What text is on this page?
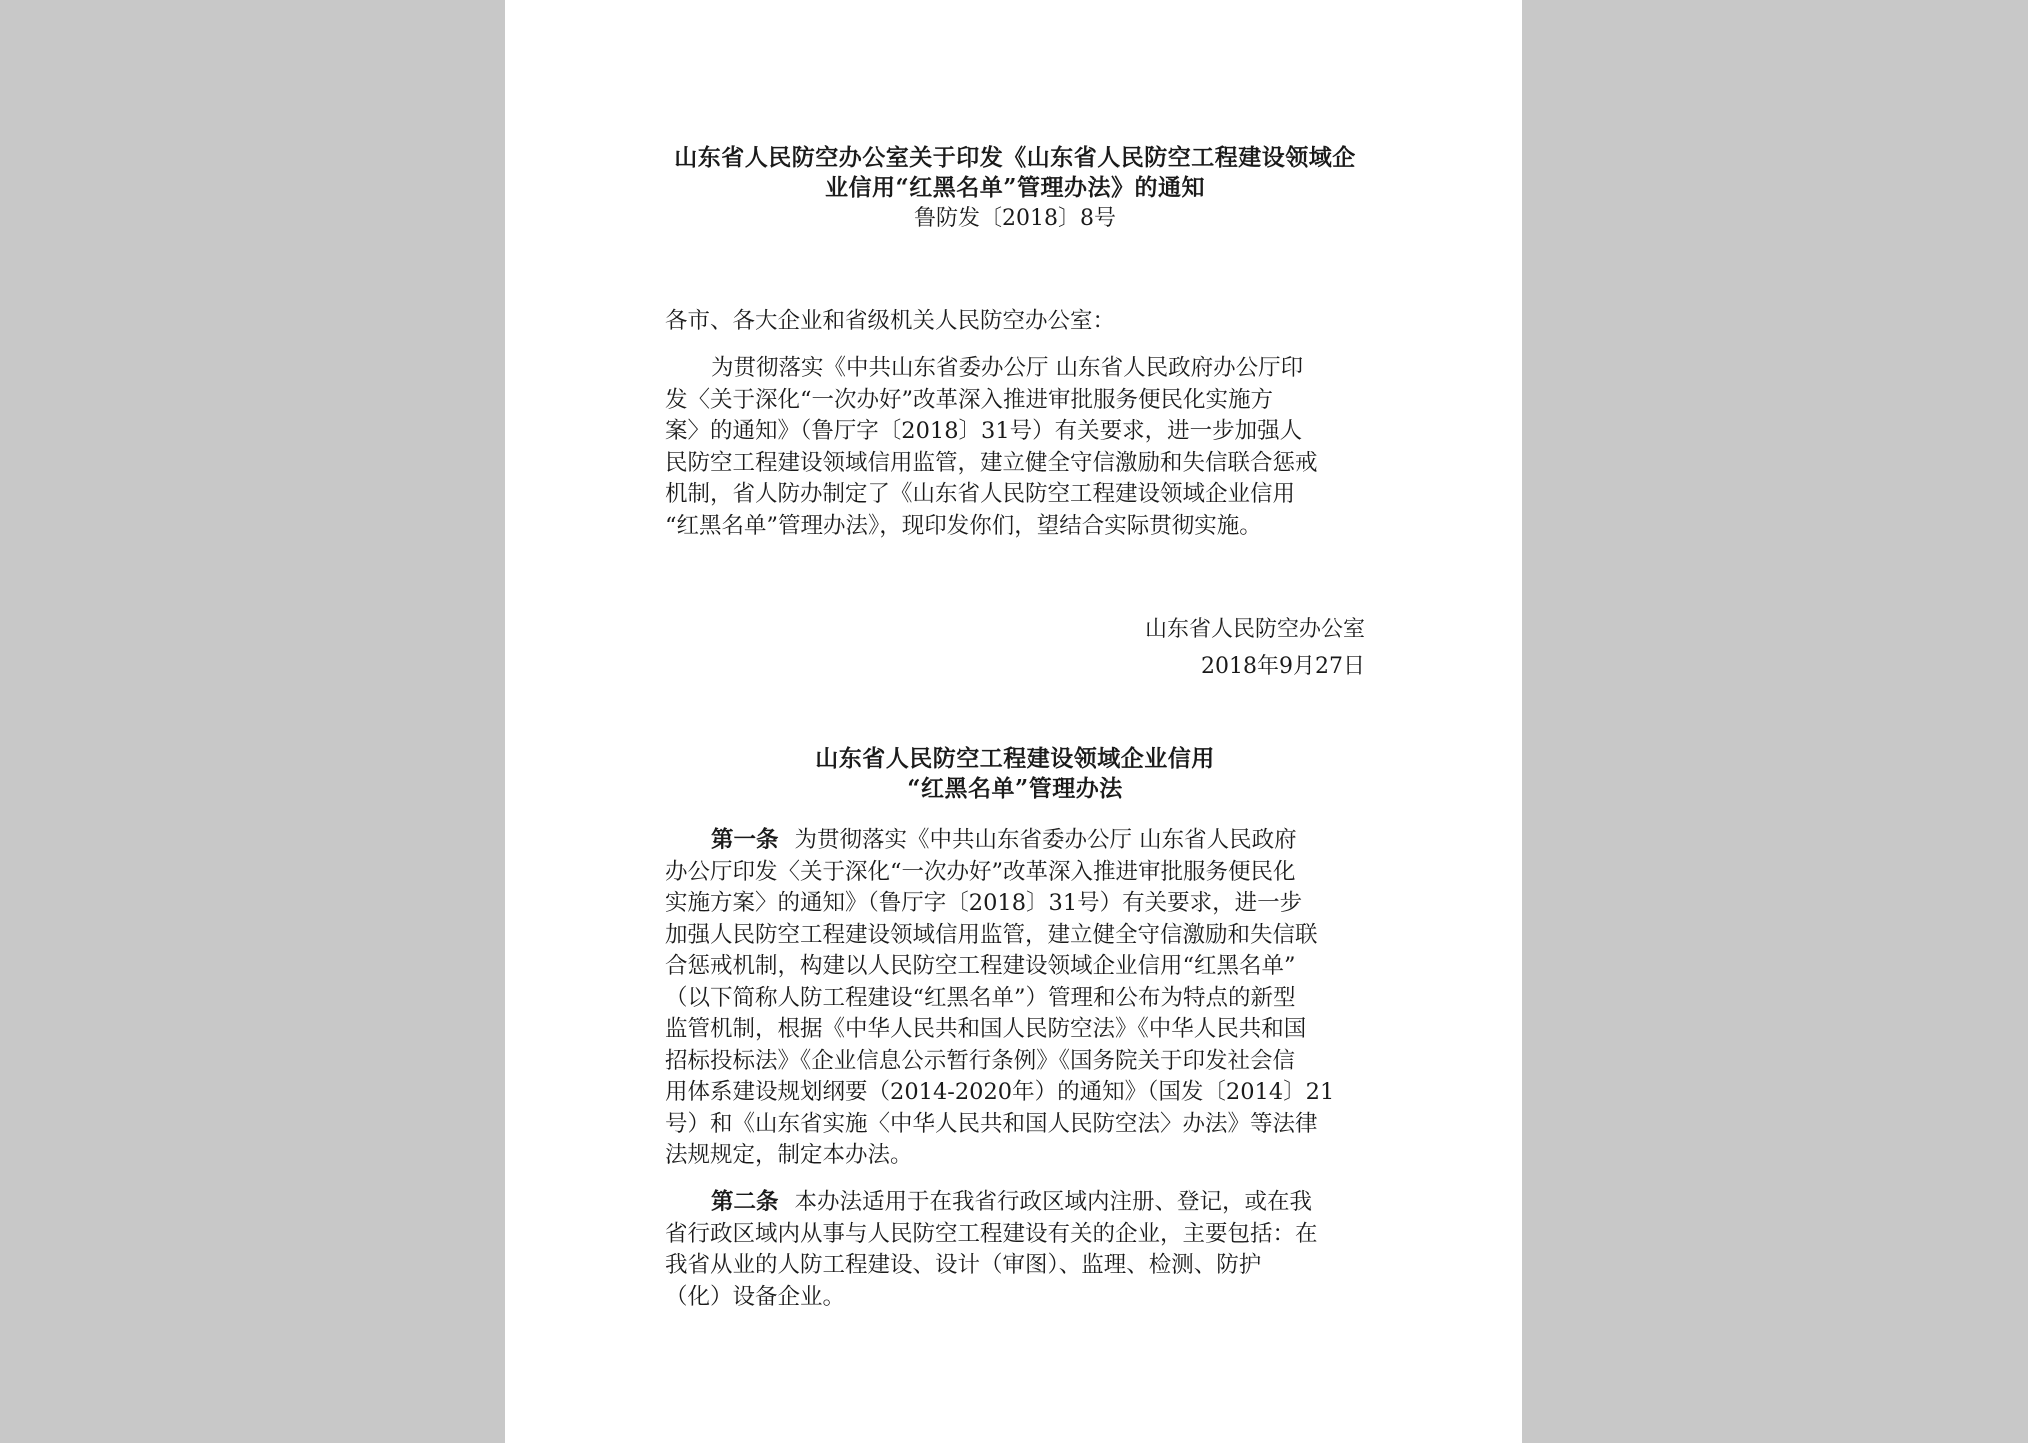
山东省人民防空办公室关于印发《山东省人民防空工程建设领域企
业信用“红黑名单”管理办法》的通知
鲁防发〔2018〕8号
各市、各大企业和省级机关人民防空办公室：
为贯彻落实《中共山东省委办公厅 山东省人民政府办公厅印
发〈关于深化“一次办好”改革深入推进审批服务便民化实施方
案〉的通知》（鲁厅字〔2018〕31号）有关要求，进一步加强人
民防空工程建设领域信用监管，建立健全守信激励和失信联合惩戒
机制，省人防办制定了《山东省人民防空工程建设领域企业信用
“红黑名单”管理办法》，现印发你们，望结合实际贯彻实施。
山东省人民防空办公室
2018年9月27日
山东省人民防空工程建设领域企业信用
“红黑名单”管理办法
第一条 为贯彻落实《中共山东省委办公厅 山东省人民政府
办公厅印发〈关于深化“一次办好”改革深入推进审批服务便民化
实施方案〉的通知》（鲁厅字〔2018〕31号）有关要求，进一步
加强人民防空工程建设领域信用监管，建立健全守信激励和失信联
合惩戒机制，构建以人民防空工程建设领域企业信用“红黑名单”
（以下简称人防工程建设“红黑名单”）管理和公布为特点的新型
监管机制，根据《中华人民共和国人民防空法》《中华人民共和国
招标投标法》《企业信息公示暂行条例》《国务院关于印发社会信
用体系建设规划纲要（2014-2020年）的通知》（国发〔2014〕21
号）和《山东省实施〈中华人民共和国人民防空法〉办法》等法律
法规规定，制定本办法。
第二条 本办法适用于在我省行政区域内注册、登记，或在我
省行政区域内从事与人民防空工程建设有关的企业，主要包括：在
我省从业的人防工程建设、设计（审图）、监理、检测、防护
（化）设备企业。
